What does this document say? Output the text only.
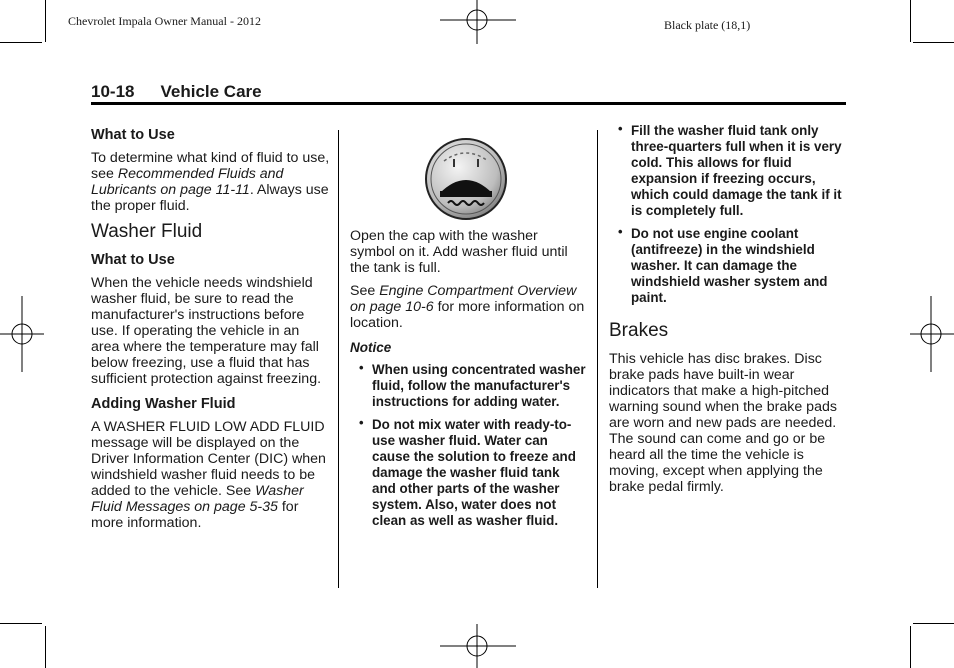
Chevrolet Impala Owner Manual - 2012	Black plate (18,1)
10-18 Vehicle Care
What to Use

To determine what kind of fluid to use, see Recommended Fluids and Lubricants on page 11-11. Always use the proper fluid.

Washer Fluid
What to Use

When the vehicle needs windshield washer fluid, be sure to read the manufacturer's instructions before use. If operating the vehicle in an area where the temperature may fall below freezing, use a fluid that has sufficient protection against freezing.

Adding Washer Fluid

A WASHER FLUID LOW ADD FLUID message will be displayed on the Driver Information Center (DIC) when windshield washer fluid needs to be added to the vehicle. See Washer Fluid Messages on page 5-35 for more information.

Open the cap with the washer symbol on it. Add washer fluid until the tank is full.

See Engine Compartment Overview on page 10-6 for more information on location.

Notice
• When using concentrated washer fluid, follow the manufacturer's instructions for adding water.
• Do not mix water with ready-to-use washer fluid. Water can cause the solution to freeze and damage the washer fluid tank and other parts of the washer system. Also, water does not clean as well as washer fluid.
• Fill the washer fluid tank only three-quarters full when it is very cold. This allows for fluid expansion if freezing occurs, which could damage the tank if it is completely full.
• Do not use engine coolant (antifreeze) in the windshield washer. It can damage the windshield washer system and paint.
Brakes

This vehicle has disc brakes. Disc brake pads have built-in wear indicators that make a high-pitched warning sound when the brake pads are worn and new pads are needed. The sound can come and go or be heard all the time the vehicle is moving, except when applying the brake pedal firmly.
